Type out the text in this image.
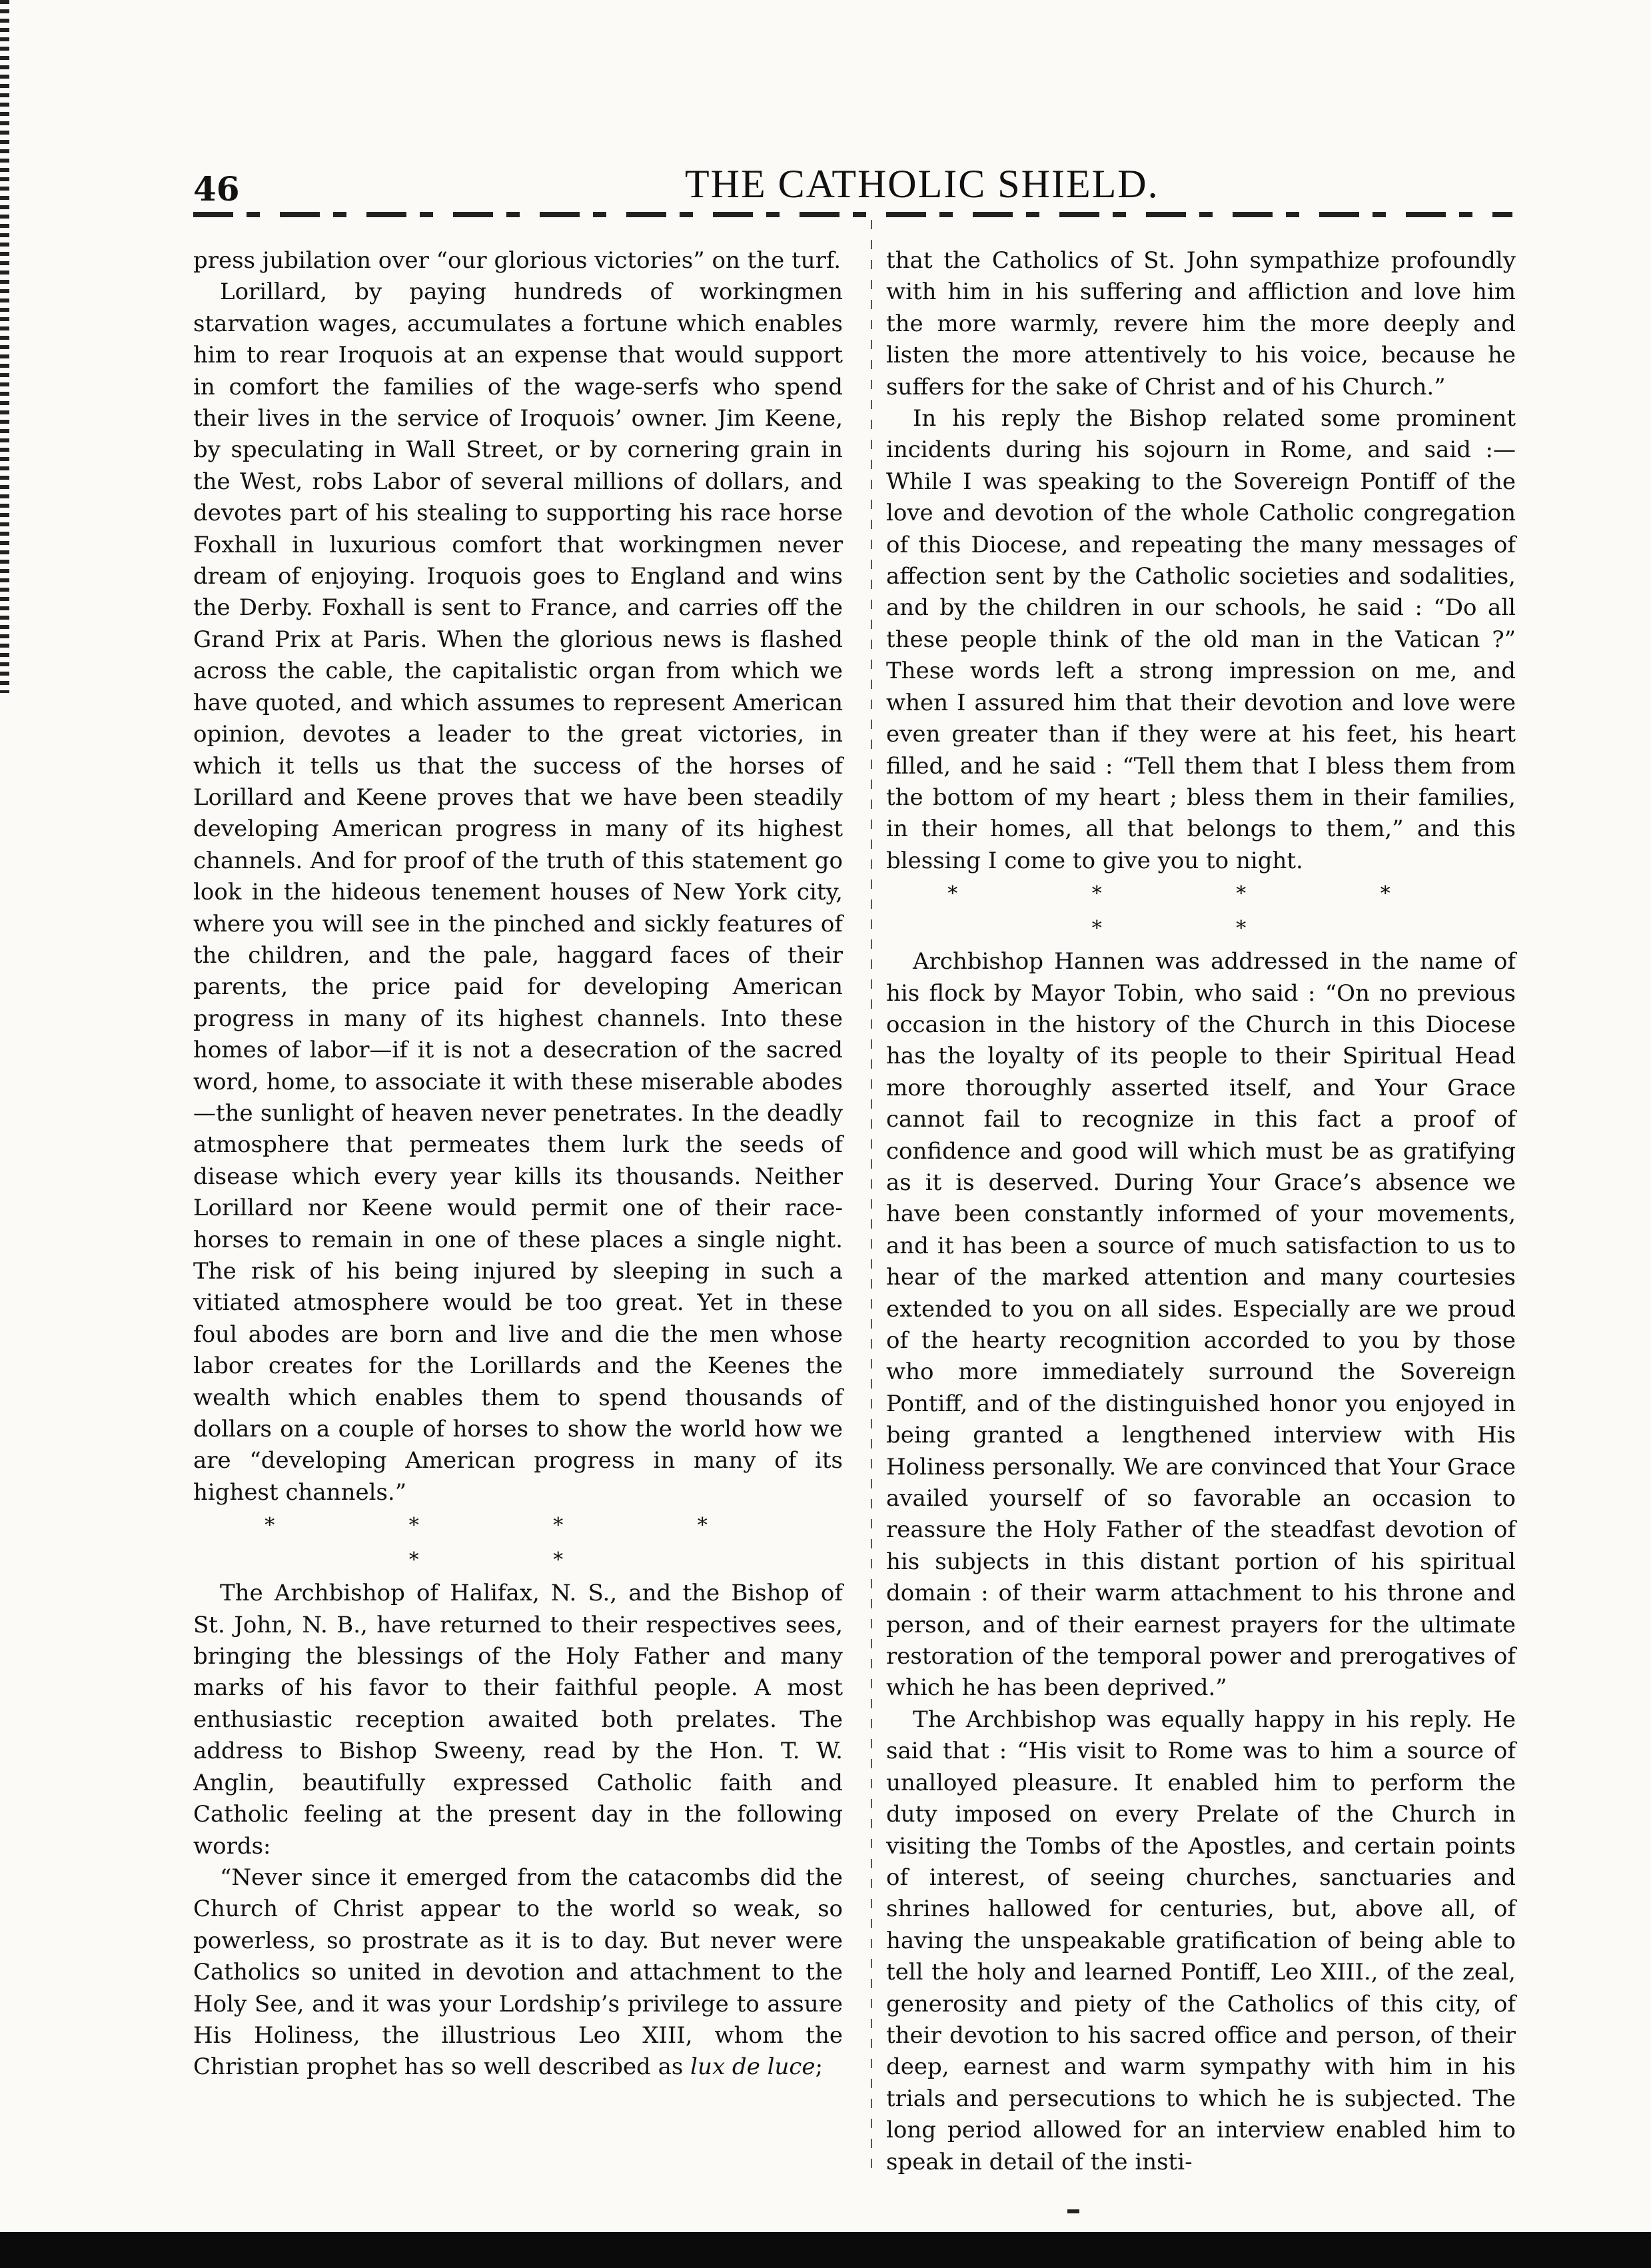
46	THE CATHOLIC SHIELD.

press jubilation over “our glorious victories” on the turf.

Lorillard, by paying hundreds of workingmen starvation wages, accumulates a fortune which enables him to rear Iroquois at an expense that would support in comfort the families of the wage-serfs who spend their lives in the service of Iroquois’ owner. Jim Keene, by speculating in Wall Street, or by cornering grain in the West, robs Labor of several millions of dollars, and devotes part of his stealing to supporting his race horse Foxhall in luxurious comfort that workingmen never dream of enjoying. Iroquois goes to England and wins the Derby. Foxhall is sent to France, and carries off the Grand Prix at Paris. When the glorious news is flashed across the cable, the capitalistic organ from which we have quoted, and which assumes to represent American opinion, devotes a leader to the great victories, in which it tells us that the success of the horses of Lorillard and Keene proves that we have been steadily developing American progress in many of its highest channels. And for proof of the truth of this statement go look in the hideous tenement houses of New York city, where you will see in the pinched and sickly features of the children, and the pale, haggard faces of their parents, the price paid for developing American progress in many of its highest channels. Into these homes of labor—if it is not a desecration of the sacred word, home, to associate it with these miserable abodes—the sunlight of heaven never penetrates. In the deadly atmosphere that permeates them lurk the seeds of disease which every year kills its thousands. Neither Lorillard nor Keene would permit one of their race-horses to remain in one of these places a single night. The risk of his being injured by sleeping in such a vitiated atmosphere would be too great. Yet in these foul abodes are born and live and die the men whose labor creates for the Lorillards and the Keenes the wealth which enables them to spend thousands of dollars on a couple of horses to show the world how we are “developing American progress in many of its highest channels.”

* * * * * *

The Archbishop of Halifax, N. S., and the Bishop of St. John, N. B., have returned to their respectives sees, bringing the blessings of the Holy Father and many marks of his favor to their faithful people. A most enthusiastic reception awaited both prelates. The address to Bishop Sweeny, read by the Hon. T. W. Anglin, beautifully expressed Catholic faith and Catholic feeling at the present day in the following words:

“Never since it emerged from the catacombs did the Church of Christ appear to the world so weak, so powerless, so prostrate as it is to day. But never were Catholics so united in devotion and attachment to the Holy See, and it was your Lordship’s privilege to assure His Holiness, the illustrious Leo XIII, whom the Christian prophet has so well described as lux de luce;

that the Catholics of St. John sympathize profoundly with him in his suffering and affliction and love him the more warmly, revere him the more deeply and listen the more attentively to his voice, because he suffers for the sake of Christ and of his Church.”

In his reply the Bishop related some prominent incidents during his sojourn in Rome, and said :—While I was speaking to the Sovereign Pontiff of the love and devotion of the whole Catholic congregation of this Diocese, and repeating the many messages of affection sent by the Catholic societies and sodalities, and by the children in our schools, he said : “Do all these people think of the old man in the Vatican ?” These words left a strong impression on me, and when I assured him that their devotion and love were even greater than if they were at his feet, his heart filled, and he said : “Tell them that I bless them from the bottom of my heart ; bless them in their families, in their homes, all that belongs to them,” and this blessing I come to give you to night.

* * * * * *

Archbishop Hannen was addressed in the name of his flock by Mayor Tobin, who said : “On no previous occasion in the history of the Church in this Diocese has the loyalty of its people to their Spiritual Head more thoroughly asserted itself, and Your Grace cannot fail to recognize in this fact a proof of confidence and good will which must be as gratifying as it is deserved. During Your Grace’s absence we have been constantly informed of your movements, and it has been a source of much satisfaction to us to hear of the marked attention and many courtesies extended to you on all sides. Especially are we proud of the hearty recognition accorded to you by those who more immediately surround the Sovereign Pontiff, and of the distinguished honor you enjoyed in being granted a lengthened interview with His Holiness personally. We are convinced that Your Grace availed yourself of so favorable an occasion to reassure the Holy Father of the steadfast devotion of his subjects in this distant portion of his spiritual domain : of their warm attachment to his throne and person, and of their earnest prayers for the ultimate restoration of the temporal power and prerogatives of which he has been deprived.”

The Archbishop was equally happy in his reply. He said that : “His visit to Rome was to him a source of unalloyed pleasure. It enabled him to perform the duty imposed on every Prelate of the Church in visiting the Tombs of the Apostles, and certain points of interest, of seeing churches, sanctuaries and shrines hallowed for centuries, but, above all, of having the unspeakable gratification of being able to tell the holy and learned Pontiff, Leo XIII., of the zeal, generosity and piety of the Catholics of this city, of their devotion to his sacred office and person, of their deep, earnest and warm sympathy with him in his trials and persecutions to which he is subjected. The long period allowed for an interview enabled him to speak in detail of the insti-
